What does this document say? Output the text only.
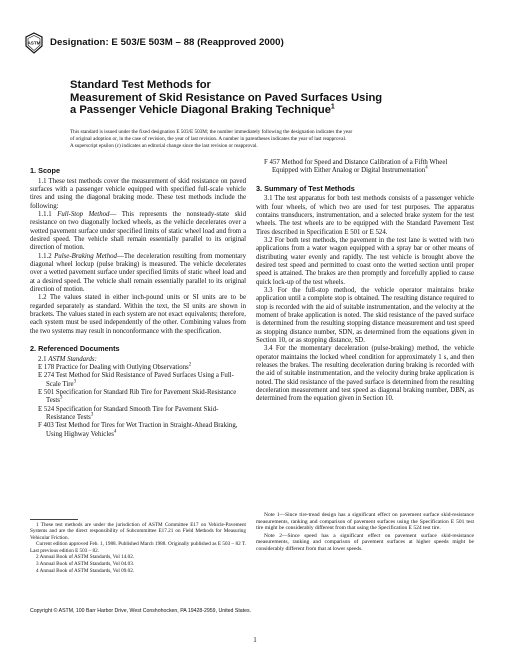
ASTM Designation: E 503/E 503M – 88 (Reapproved 2000)
Standard Test Methods for
Measurement of Skid Resistance on Paved Surfaces Using
a Passenger Vehicle Diagonal Braking Technique$^1$
This standard is issued under the fixed designation E 503/E 503M; the number immediately following the designation indicates the year
of original adoption or, in the case of revision, the year of last revision. A number in parentheses indicates the year of last reapproval.
A superscript epsilon (ε) indicates an editorial change since the last revision or reapproval.
1. Scope

1.1 These test methods cover the measurement of skid resistance on paved surfaces with a passenger vehicle equipped with specified full-scale vehicle tires and using the diagonal braking mode. These test methods include the following:

1.1.1 Full-Stop Method— This represents the nonsteady-state skid resistance on two diagonally locked wheels, as the vehicle decelerates over a wetted pavement surface under specified limits of static wheel load and from a desired speed. The vehicle shall remain essentially parallel to its original direction of motion.

1.1.2 Pulse-Braking Method—The deceleration resulting from momentary diagonal wheel lockup (pulse braking) is measured. The vehicle decelerates over a wetted pavement surface under specified limits of static wheel load and at a desired speed. The vehicle shall remain essentially parallel to its original direction of motion.

1.2 The values stated in either inch-pound units or SI units are to be regarded separately as standard. Within the text, the SI units are shown in brackets. The values stated in each system are not exact equivalents; therefore, each system must be used independently of the other. Combining values from the two systems may result in nonconformance with the specification.

2. Referenced Documents

2.1 ASTM Standards:

E 178 Practice for Dealing with Outlying Observations$^2$

E 274 Test Method for Skid Resistance of Paved Surfaces Using a Full-Scale Tire$^3$

E 501 Specification for Standard Rib Tire for Pavement Skid-Resistance Tests$^3$

E 524 Specification for Standard Smooth Tire for Pavement Skid-Resistance Tests$^3$

F 403 Test Method for Tires for Wet Traction in Straight-Ahead Braking, Using Highway Vehicles$^4$

F 457 Method for Speed and Distance Calibration of a Fifth Wheel Equipped with Either Analog or Digital Instrumentation$^4$

3. Summary of Test Methods

3.1 The test apparatus for both test methods consists of a passenger vehicle with four wheels, of which two are used for test purposes. The apparatus contains transducers, instrumentation, and a selected brake system for the test wheels. The test wheels are to be equipped with the Standard Pavement Test Tires described in Specification E 501 or E 524.

3.2 For both test methods, the pavement in the test lane is wetted with two applications from a water wagon equipped with a spray bar or other means of distributing water evenly and rapidly. The test vehicle is brought above the desired test speed and permitted to coast onto the wetted section until proper speed is attained. The brakes are then promptly and forcefully applied to cause quick lock-up of the test wheels.

3.3 For the full-stop method, the vehicle operator maintains brake application until a complete stop is obtained. The resulting distance required to stop is recorded with the aid of suitable instrumentation, and the velocity at the moment of brake application is noted. The skid resistance of the paved surface is determined from the resulting stopping distance measurement and test speed as stopping distance number, SDN, as determined from the equations given in Section 10, or as stopping distance, SD.

3.4 For the momentary deceleration (pulse-braking) method, the vehicle operator maintains the locked wheel condition for approximately 1 s, and then releases the brakes. The resulting deceleration during braking is recorded with the aid of suitable instrumentation, and the velocity during brake application is noted. The skid resistance of the paved surface is determined from the resulting deceleration measurement and test speed as diagonal braking number, DBN, as determined from the equation given in Section 10.

Note 1—Since tire-tread design has a significant effect on pavement surface skid-resistance measurements, ranking and comparison of pavement surfaces using the Specification E 501 test tire might be considerably different from that using the Specification E 524 test tire.

Note 2—Since speed has a significant effect on pavement surface skid-resistance measurements, ranking and comparison of pavement surfaces at higher speeds might be considerably different from that at lower speeds.

1 These test methods are under the jurisdiction of ASTM Committee E17 on Vehicle-Pavement Systems and are the direct responsibility of Subcommittee E17.21 on Field Methods for Measuring Vehicular Friction.

Current edition approved Feb. 1, 1988. Published March 1988. Originally published as E 503 – 82 T. Last previous edition E 503 – 82.

2 Annual Book of ASTM Standards, Vol 14.02.

3 Annual Book of ASTM Standards, Vol 04.03.

4 Annual Book of ASTM Standards, Vol 09.02.

Copyright © ASTM, 100 Barr Harbor Drive, West Conshohocken, PA 19428-2959, United States.
1
